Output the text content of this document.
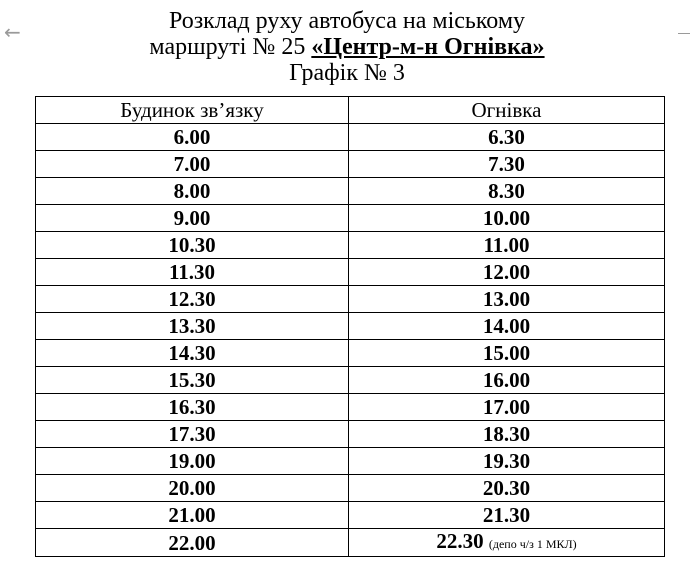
←	Розклад руху автобуса на міському
маршруті № 25 «Центр-м-н Огнівка»
Графік № 3
Будинок зв’язку	Огнівка
6.00	6.30
7.00	7.30
8.00	8.30
9.00	10.00
10.30	11.00
11.30	12.00
12.30	13.00
13.30	14.00
14.30	15.00
15.30	16.00
16.30	17.00
17.30	18.30
19.00	19.30
20.00	20.30
21.00	21.30
22.00	22.30 (депо ч/з 1 МКЛ)
